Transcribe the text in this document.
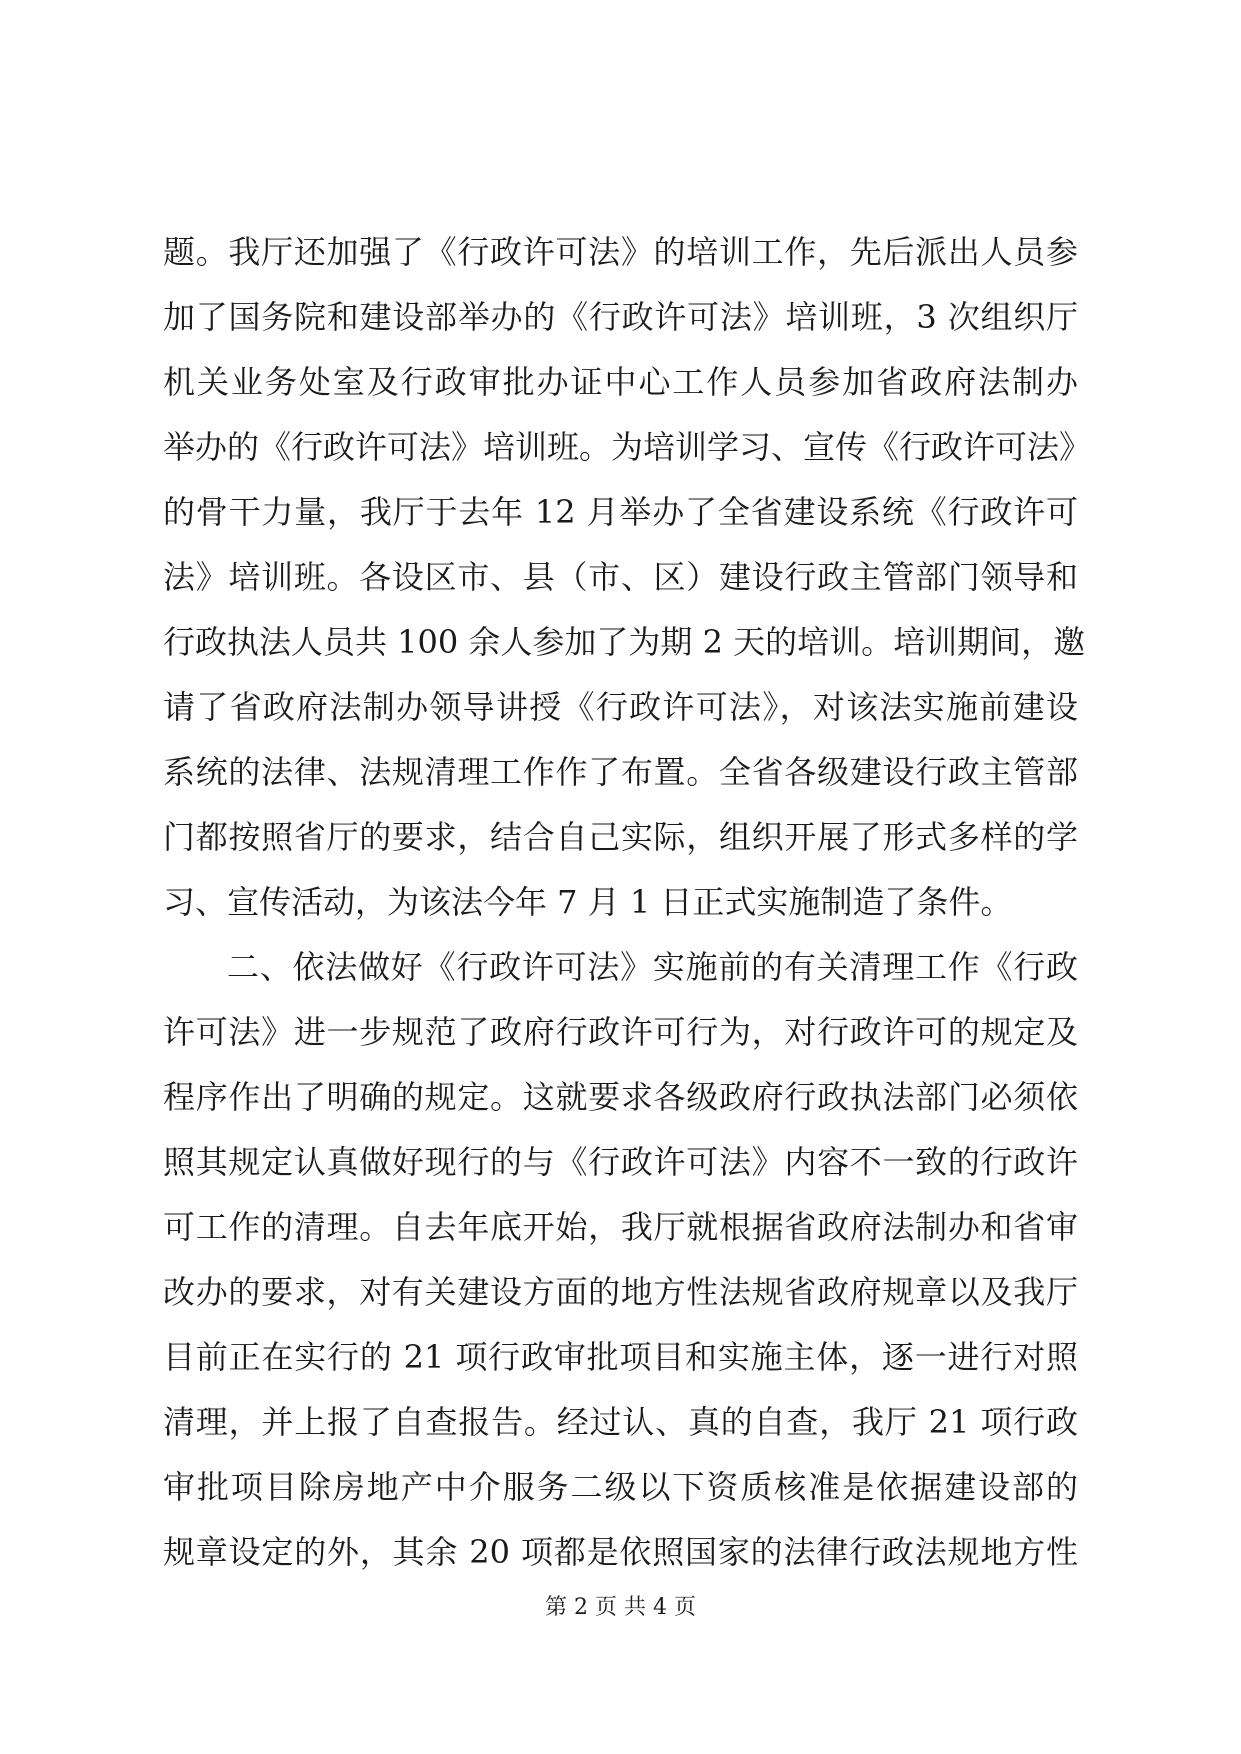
题。我厅还加强了《行政许可法》的培训工作，先后派出人员参
加了国务院和建设部举办的《行政许可法》培训班，3 次组织厅
机关业务处室及行政审批办证中心工作人员参加省政府法制办
举办的《行政许可法》培训班。为培训学习、宣传《行政许可法》
的骨干力量，我厅于去年 12 月举办了全省建设系统《行政许可
法》培训班。各设区市、县（市、区）建设行政主管部门领导和
行政执法人员共 100 余人参加了为期 2 天的培训。培训期间，邀
请了省政府法制办领导讲授《行政许可法》，对该法实施前建设
系统的法律、法规清理工作作了布置。全省各级建设行政主管部
门都按照省厅的要求，结合自己实际，组织开展了形式多样的学
习、宣传活动，为该法今年 7 月 1 日正式实施制造了条件。
二、依法做好《行政许可法》实施前的有关清理工作《行政
许可法》进一步规范了政府行政许可行为，对行政许可的规定及
程序作出了明确的规定。这就要求各级政府行政执法部门必须依
照其规定认真做好现行的与《行政许可法》内容不一致的行政许
可工作的清理。自去年底开始，我厅就根据省政府法制办和省审
改办的要求，对有关建设方面的地方性法规省政府规章以及我厅
目前正在实行的 21 项行政审批项目和实施主体，逐一进行对照
清理，并上报了自查报告。经过认、真的自查，我厅 21 项行政
审批项目除房地产中介服务二级以下资质核准是依据建设部的
规章设定的外，其余 20 项都是依照国家的法律行政法规地方性
第 2 页 共 4 页
